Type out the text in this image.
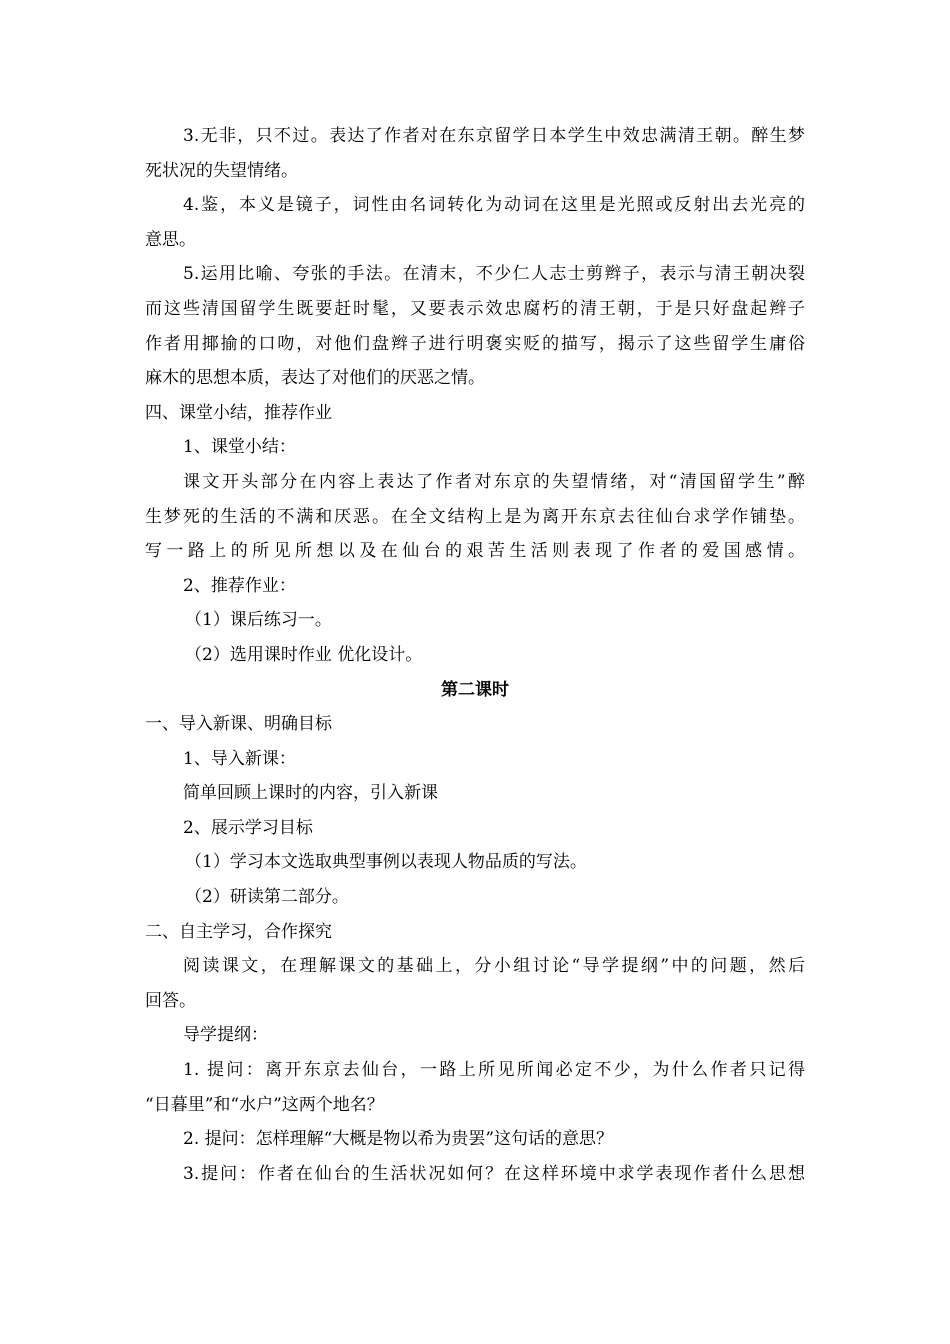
3.无非，只不过。表达了作者对在东京留学日本学生中效忠满清王朝。醉生梦
死状况的失望情绪。
4.鉴，本义是镜子，词性由名词转化为动词在这里是光照或反射出去光亮的
意思。
5.运用比喻、夸张的手法。在清末，不少仁人志士剪辫子，表示与清王朝决裂
而这些清国留学生既要赶时髦，又要表示效忠腐朽的清王朝，于是只好盘起辫子
作者用揶揄的口吻，对他们盘辫子进行明褒实贬的描写，揭示了这些留学生庸俗
麻木的思想本质，表达了对他们的厌恶之情。
四、课堂小结，推荐作业
1、课堂小结：
课文开头部分在内容上表达了作者对东京的失望情绪，对“清国留学生”醉
生梦死的生活的不满和厌恶。在全文结构上是为离开东京去往仙台求学作铺垫。
写一路上的所见所想以及在仙台的艰苦生活则表现了作者的爱国感情。
2、推荐作业：
（1）课后练习一。
（2）选用课时作业 优化设计。
第二课时
一、导入新课、明确目标
1、导入新课：
简单回顾上课时的内容，引入新课
2、展示学习目标
（1）学习本文选取典型事例以表现人物品质的写法。
（2）研读第二部分。
二、自主学习，合作探究
阅读课文，在理解课文的基础上，分小组讨论“导学提纲”中的问题，然后
回答。
导学提纲：
1. 提问：离开东京去仙台，一路上所见所闻必定不少，为什么作者只记得
“日暮里”和“水户”这两个地名？
2. 提问：怎样理解“大概是物以希为贵罢”这句话的意思？
3.提问：作者在仙台的生活状况如何？在这样环境中求学表现作者什么思想
